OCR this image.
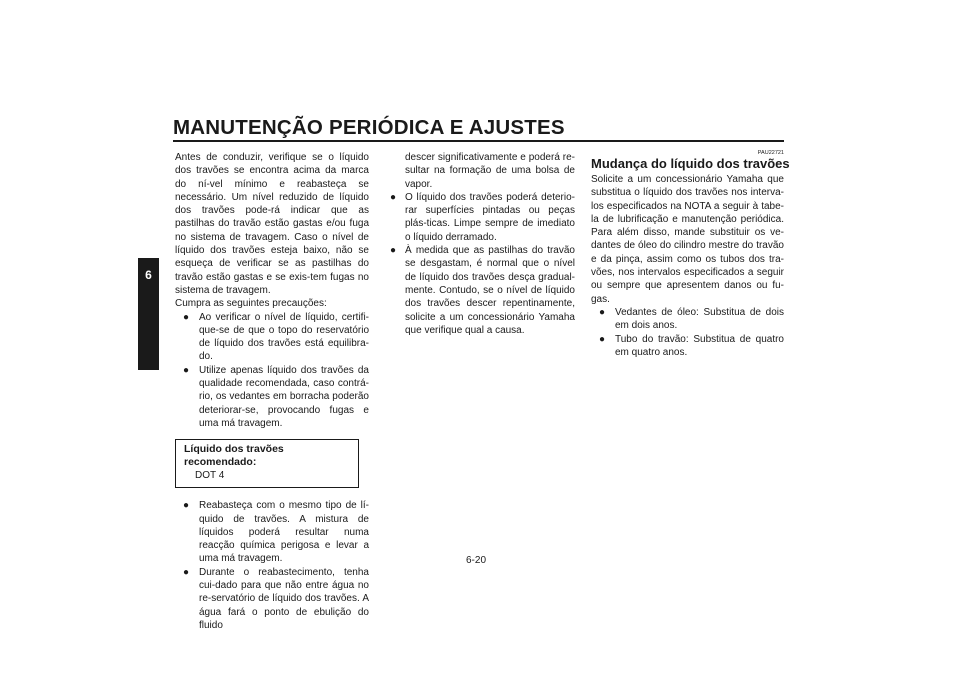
MANUTENÇÃO PERIÓDICA E AJUSTES
6

Antes de conduzir, verifique se o líquido dos travões se encontra acima da marca do ní-vel mínimo e reabasteça se necessário. Um nível reduzido de líquido dos travões pode-rá indicar que as pastilhas do travão estão gastas e/ou fuga no sistema de travagem. Caso o nível de líquido dos travões esteja baixo, não se esqueça de verificar se as pastilhas do travão estão gastas e se exis-tem fugas no sistema de travagem.

Cumpra as seguintes precauções:

● Ao verificar o nível de líquido, certifi-que-se de que o topo do reservatório de líquido dos travões está equilibra-do.
● Utilize apenas líquido dos travões da qualidade recomendada, caso contrá-rio, os vedantes em borracha poderão deteriorar-se, provocando fugas e uma má travagem.
Líquido dos travões recomendado:
DOT 4
● Reabasteça com o mesmo tipo de lí-quido de travões. A mistura de líquidos poderá resultar numa reacção química perigosa e levar a uma má travagem.
● Durante o reabastecimento, tenha cui-dado para que não entre água no re-servatório de líquido dos travões. A água fará o ponto de ebulição do fluido

descer significativamente e poderá re-sultar na formação de uma bolsa de vapor.

● O líquido dos travões poderá deterio-rar superfícies pintadas ou peças plás-ticas. Limpe sempre de imediato o líquido derramado.
● À medida que as pastilhas do travão se desgastam, é normal que o nível de líquido dos travões desça gradual-mente. Contudo, se o nível de líquido dos travões descer repentinamente, solicite a um concessionário Yamaha que verifique qual a causa.
PAU22721
Mudança do líquido dos travões

Solicite a um concessionário Yamaha que substitua o líquido dos travões nos interva-los especificados na NOTA a seguir à tabe-la de lubrificação e manutenção periódica. Para além disso, mande substituir os ve-dantes de óleo do cilindro mestre do travão e da pinça, assim como os tubos dos tra-vões, nos intervalos especificados a seguir ou sempre que apresentem danos ou fu-gas.

● Vedantes de óleo: Substitua de dois em dois anos.
● Tubo do travão: Substitua de quatro em quatro anos.
6-20
